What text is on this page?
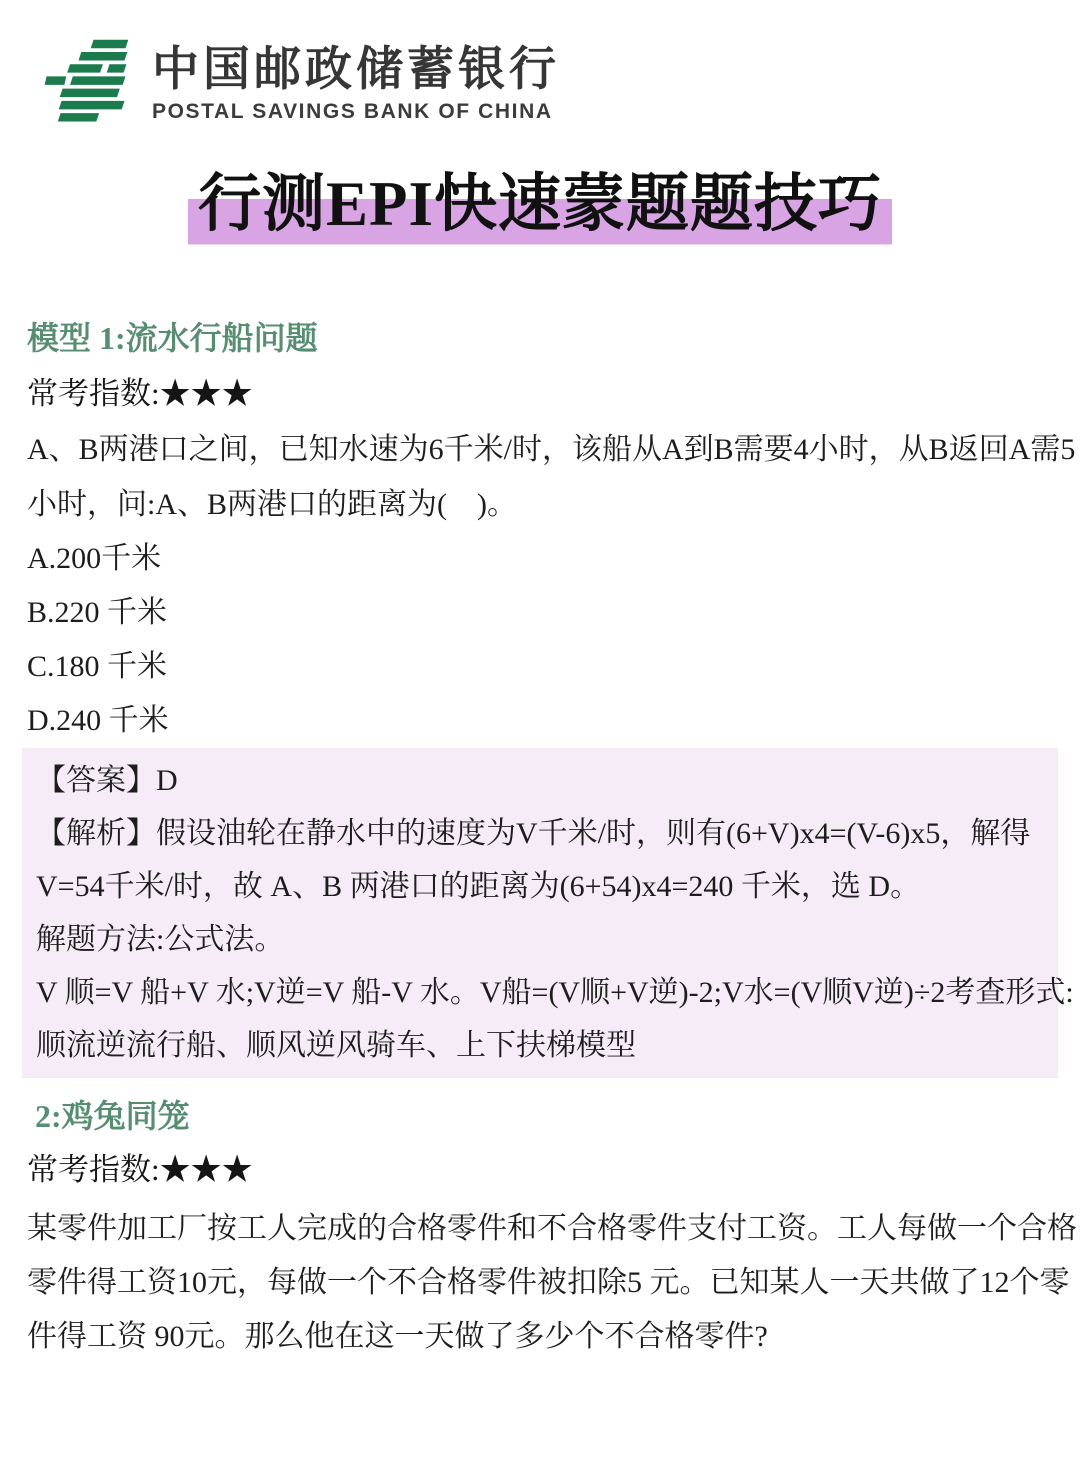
中国邮政储蓄银行
POSTAL SAVINGS BANK OF CHINA
行测EPI快速蒙题题技巧
模型 1:流水行船问题
常考指数:★★★
A、B两港口之间，已知水速为6千米/时，该船从A到B需要4小时，从B返回A需5
小时，问:A、B两港口的距离为(　)。
A.200千米
B.220 千米
C.180 千米
D.240 千米
【答案】D
【解析】假设油轮在静水中的速度为V千米/时，则有(6+V)x4=(V-6)x5，解得
V=54千米/时，故 A、B 两港口的距离为(6+54)x4=240 千米，选 D。
解题方法:公式法。
V 顺=V 船+V 水;V逆=V 船-V 水。V船=(V顺+V逆)-2;V水=(V顺V逆)÷2考查形式:
顺流逆流行船、顺风逆风骑车、上下扶梯模型
2:鸡兔同笼
常考指数:★★★
某零件加工厂按工人完成的合格零件和不合格零件支付工资。工人每做一个合格
零件得工资10元，每做一个不合格零件被扣除5 元。已知某人一天共做了12个零
件得工资 90元。那么他在这一天做了多少个不合格零件?
